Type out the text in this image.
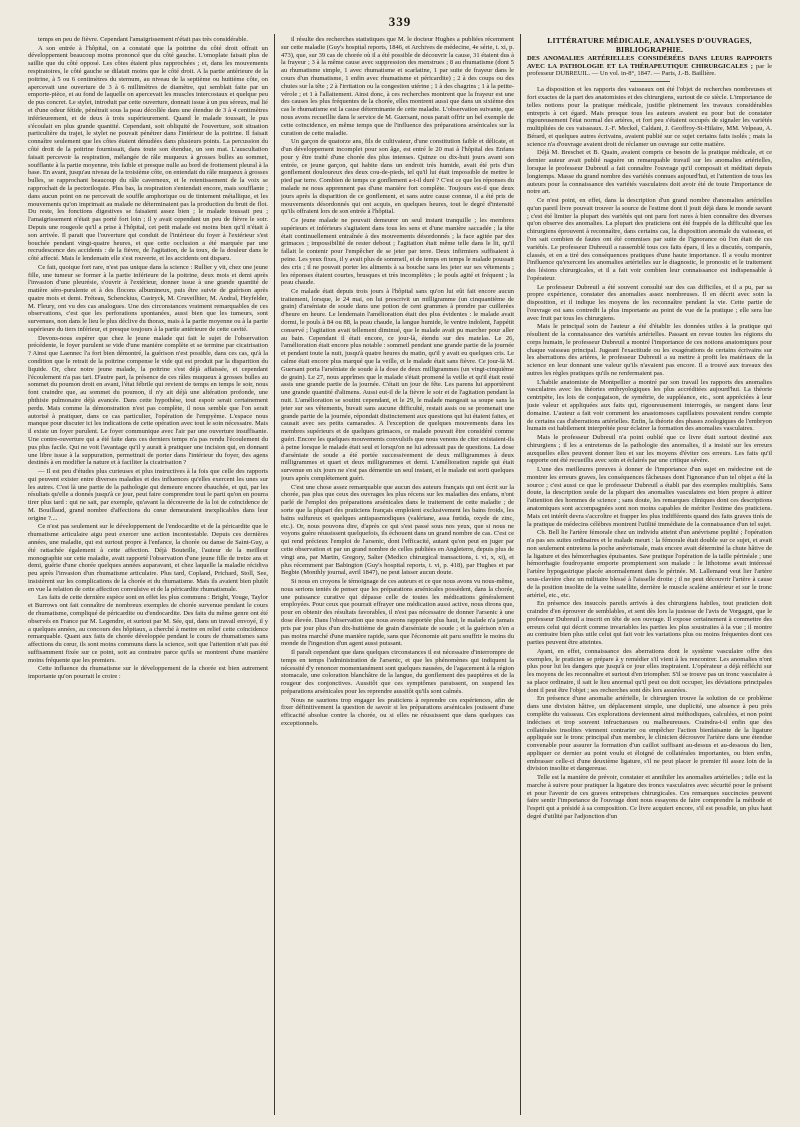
339

temps en peu de fièvre. Cependant l'amaigrissement n'était pas très considérable.

A son entrée à l'hôpital, on a constaté que la poitrine du côté droit offrait un développement beaucoup moins prononcé que du côté gauche. L'omoplate faisait plus de saillie que du côté opposé. Les côtes étaient plus rapprochées ; et, dans les mouvements respiratoires, le côté gauche se dilatait moins que le côté droit. A la partie antérieure de la poitrine, à 5 ou 6 centimètres du sternum, au niveau de la septième ou huitième côte, on apercevait une ouverture de 3 à 6 millimètres de diamètre, qui semblait faite par un emporte-pièce, et au fond de laquelle on apercevait les muscles intercostaux et quelque peu de pus concret. Le stylet, introduit par cette ouverture, donnait issue à un pus séreux, mal lié et d'une odeur fétide, pénétrait sous la peau décollée dans une étendue de 3 à 4 centimètres inférieurement, et de deux à trois supérieurement. Quand le malade toussait, le pus s'écoulait en plus grande quantité. Cependant, soit obliquité de l'ouverture, soit situation particulière du trajet, le stylet ne pouvait pénétrer dans l'intérieur de la poitrine. Il faisait connaître seulement que les côtes étaient dénudées dans plusieurs points. La percussion du côté droit de la poitrine fournissait, dans toute son étendue, un son mat. L'auscultation faisait percevoir la respiration, mélangée de râle muqueux à grosses bulles au sommet, soufflante à la partie moyenne, très faible et presque nulle au bord de frottement pleural à la base. En avant, jusqu'au niveau de la troisième côte, on entendait du râle muqueux à grosses bulles, se rapprochant beaucoup du râle caverneux, et le retentissement de la voix se rapprochait de la pectoriloquie. Plus bas, la respiration s'entendait encore, mais soufflante ; dans aucun point on ne percevait de souffle amphorique ou de tintement métallique, et les mouvements qu'on imprimait au malade ne déterminaient pas la production du bruit de flot. Du reste, les fonctions digestives se faisaient assez bien ; le malade toussait peu ; l'amaigrissement n'était pas porté fort loin ; il y avait cependant un peu de fièvre le soir. Depuis une rougeole qu'il a prise à l'hôpital, cet petit malade est moins bien qu'il n'était à son arrivée. Il parait que l'ouverture qui conduit de l'intérieur du foyer à l'extérieur s'est bouchée pendant vingt-quatre heures, et que cette occlusion a été marquée par une recrudescence des accidents : de la fièvre, de l'agitation, de la toux, de la douleur dans le côté affecté. Mais le lendemain elle s'est rouverte, et les accidents ont disparu.

Ce fait, quoique fort rare, n'est pas unique dans la science : Rullier y vit, chez une jeune fille, une tumeur se former à la partie inférieure de la poitrine, deux mois et demi après l'invasion d'une pleurésie, s'ouvrir à l'extérieur, donner issue à une grande quantité de matière séro-purulente et à des flocons albumineux, puis être suivie de guérison après quatre mois et demi. Fréteau, Schenckius, Castryck, M. Cruveilhier, M. Andral, Heyfelder, M. Fleury, ont vu des cas analogues. Une des circonstances vraiment remarquables de ces observations, c'est que les perforations spontanées, aussi bien que les tumeurs, sont survenues, non dans le lieu le plus déclive du thorax, mais à la partie moyenne ou à la partie supérieure du tiers inférieur, et presque toujours à la partie antérieure de cette cavité.

Devons-nous espérer que chez le jeune malade qui fait le sujet de l'observation précédente, le foyer purulent se vide d'une manière complète et se termine par cicatrisation ? Ainsi que Laennec l'a fort bien démontré, la guérison n'est possible, dans ces cas, qu'à la condition que le retrait de la poitrine compense le vide qui est produit par la disparition du liquide. Or, chez notre jeune malade, la poitrine s'est déjà affaissée, et cependant l'écoulement n'a pas tari. D'autre part, la présence de ces râles muqueux à grosses bulles au sommet du poumon droit en avant, l'état fébrile qui revient de temps en temps le soir, nous font craindre que, au sommet du poumon, il n'y ait déjà une altération profonde, une phthisie pulmonaire déjà avancée. Dans cette hypothèse, tout espoir serait certainement perdu. Mais comme la démonstration n'est pas complète, il nous semble que l'on serait autorisé à pratiquer, dans ce cas particulier, l'opération de l'empyème. L'espace nous manque pour discuter ici les indications de cette opération avec tout le soin nécessaire. Mais il existe un foyer purulent. Le foyer communique avec l'air par une ouverture insuffisante. Une contre-ouverture qui a été faite dans ces derniers temps n'a pas rendu l'écoulement du pus plus facile. Qui ne voit l'avantage qu'il y aurait à pratiquer une incision qui, en donnant une libre issue à la suppuration, permettrait de porter dans l'intérieur du foyer, des agens destinés à en modifier la nature et à faciliter la cicatrisation ?

— Il est peu d'études plus curieuses et plus instructives à la fois que celle des rapports qui peuvent exister entre diverses maladies et des influences qu'elles exercent les unes sur les autres. C'est là une partie de la pathologie qui demeure encore ébauchée, et qui, par les résultats qu'elle a donnés jusqu'à ce jour, peut faire comprendre tout le parti qu'on en pourra tirer plus tard : qui ne sait, par exemple, qu'avant la découverte de la loi de coïncidence de M. Bouillaud, grand nombre d'affections du cœur demeuraient inexplicables dans leur origine ?....

Ce n'est pas seulement sur le développement de l'endocardite et de la péricardite que le rhumatisme articulaire aigu peut exercer une action incontestable. Depuis ces dernières années, une maladie, qui est surtout propre à l'enfance, la chorée ou danse de Saint-Guy, a été rattachée également à cette affection. Déjà Bouteille, l'auteur de la meilleur monographie sur cette maladie, avait rapporté l'observation d'une jeune fille de treize ans et demi, guérie d'une chorée quelques années auparavant, et chez laquelle la maladie récidiva peu après l'invasion d'un rhumatisme articulaire. Plus tard, Copland, Prichard, Stoll, See, insistèrent sur les complications de la chorée et du rhumatisme. Mais ils avaient bien plutôt en vue la relation de cette affection convulsive et de la péricardite rhumatismale.

Les faits de cette dernière espèce sont en effet les plus communs : Bright, Youge, Taylor et Burrows ont fait connaître de nombreux exemples de chorée survenue pendant le cours de rhumatisme, compliqué de péricardite ou d'endocardite. Des faits du même genre ont été observés en France par M. Legendre, et surtout par M. Sée, qui, dans un travail envoyé, il y a quelques années, au concours des hôpitaux, a cherché à mettre en relief cette coïncidence remarquable. Quant aux faits de chorée développée pendant le cours de rhumatismes sans affections du cœur, ils sont moins communs dans la science, soit que l'attention n'ait pas été suffisamment fixée sur ce point, soit au contraire parce qu'ils se montrent d'une manière moins fréquente que les premiers.

Cette influence du rhumatisme sur le développement de la chorée est bien autrement importante qu'on pourrait le croire :

il résulte des recherches statistiques que M. le docteur Hughes a publiées récemment sur cette maladie (Guy's hospital reports, 1846, et Archives de médecine, 4e série, t. xi, p. 473), que, sur 39 cas de chorée où il a été possible de découvrir la cause, 31 étaient dus à la frayeur ; 3 à la même cause avec suppression des menstrues ; 8 au rhumatisme (dont 5 au rhumatisme simple, 1 avec rhumatisme et scarlatine, 1 par suite de frayeur dans le cours d'un rhumatisme, 1 enfin avec rhumatisme et péricardite) ; 2 à des coups ou des chutes sur la tête ; 2 à l'irritation ou la congestion utérine ; 1 à des chagrins ; 1 à la petite-vérole ; et 1 à l'allaitement. Ainsi donc, à ces recherches montrent que la frayeur est une des causes les plus fréquentes de la chorée, elles montrent aussi que dans un sixième des cas le rhumatisme est la cause déterminante de cette maladie. L'observation suivante, que nous avons recueillie dans le service de M. Guersant, nous parait offrir un bel exemple de cette coïncidence, en même temps que de l'influence des préparations arsénicales sur la curation de cette maladie.

Un garçon de quatorze ans, fils de cultivateur, d'une constitution faible et délicate, et d'un développement incomplet pour son âge, est entré le 20 mai à l'hôpital des Enfans pour y être traité d'une chorée des plus intenses. Quinze ou dix-huit jours avant son entrée, ce jeune garçon, qui habite dans un endroit très humide, avait été pris d'un gonflement douloureux des deux cou-de-pieds, tel qu'il lui était impossible de mettre le pied par terre. Combien de temps ce gonflement a-t-il duré ? C'est ce que les réponses du malade ne nous apprennent pas d'une manière fort complète. Toujours est-il que deux jours après la disparition de ce gonflement, et sans autre cause connue, il a été pris de mouvements désordonnés qui ont acquis, en quelques heures, tout le degré d'intensité qu'ils offraient lors de son entrée à l'hôpital.

Ce jeune malade ne pouvait demeurer un seul instant tranquille ; les membres supérieurs et inférieurs s'agitaient dans tous les sens et d'une manière saccadée ; la tête était continuellement entraînée à des mouvements désordonnés ; la face agitée par des grimaces ; impossibilité de rester debout ; l'agitation était même telle dans le lit, qu'il fallait le contenir pour l'empêcher de se jeter par terre. Deux infirmiers suffisaient à peine. Les yeux fixes, il y avait plus de sommeil, et de temps en temps le malade poussait des cris ; il ne pouvait porter les aliments à sa bouche sans les jeter sur ses vêtements ; les réponses étaient courtes, brusques et très incomplètes ; le pouls agité et fréquent ; la peau chaude.

Ce malade était depuis trois jours à l'hôpital sans qu'on lui eût fait encore aucun traitement, lorsque, le 24 mai, on lui prescrivit un milligramme (un cinquantième de grain) d'arséniate de soude dans une potion de cent grammes à prendre par cuillerées d'heure en heure. Le lendemain l'amélioration était des plus évidentes : le malade avait dormi, le pouls à 84 ou 88, la peau chaude, la langue humide, le ventre indolent, l'appétit conservé ; l'agitation avait tellement diminué, que le malade avait pu marcher pour aller au bain. Cependant il était encore, ce jour-là, étendu sur des matelas. Le 26, l'amélioration était encore plus notable : sommeil pendant une grande partie de la journée et pendant toute la nuit, jusqu'à quatre heures du matin, qu'il y avait eu quelques cris. Le calme était encore plus marqué que la veille, et le malade était sans fièvre. Ce jour-là M. Guersant porta l'arséniate de soude à la dose de deux milligrammes (un vingt-cinquième de grain). Le 27, nous apprîmes que le malade s'était promené la veille et qu'il était resté assis une grande partie de la journée. C'était un jour de fête. Les parens lui apportèrent une grande quantité d'alimens. Aussi eut-il de la fièvre le soir et de l'agitation pendant la nuit. L'amélioration se soutint cependant, et le 29, le malade mangeait sa soupe sans la jeter sur ses vêtements, buvait sans aucune difficulté, restait assis ou se promenait une grande partie de la journée, répondait distinctement aux questions qui lui étaient faites, et causait avec ses petits camarades. A l'exception de quelques mouvements dans les membres supérieurs et de quelques grimaces, ce malade pouvait être considéré comme guéri. Encore les quelques mouvements convulsifs que nous venons de citer existaient-ils à peine lorsque le malade était seul et lorsqu'on ne lui adressait pas de questions. La dose d'arséniate de soude a été portée successivement de deux milligrammes à deux milligrammes et quart et deux milligrammes et demi. L'amélioration rapide qui était survenue en six jours ne s'est pas démentie un seul instant, et le malade est sorti quelques jours après complétement guéri.

C'est une chose assez remarquable que aucun des auteurs français qui ont écrit sur la chorée, pas plus que ceux des ouvrages les plus récens sur les maladies des enfans, n'ont parlé de l'emploi des préparations arsénicales dans le traitement de cette maladie ; de sorte que la plupart des praticiens français emploient exclusivement les bains froids, les bains sulfureux et quelques antispasmodiques (valériane, assa fœtida, oxyde de zinc, etc.). Or, nous pouvons dire, d'après ce qui s'est passé sous nos yeux, que si nous ne voyons guère réussissent quelquefois, ils échouent dans un grand nombre de cas. C'est ce qui rend précieux l'emploi de l'arsenic, dont l'efficacité, autant qu'on peut en juger par cette observation et par un grand nombre de celles publiées en Angleterre, depuis plus de vingt ans, par Martin, Gregory, Salter (Medico chirurgical transactions, t. vi, x, xi), et plus récemment par Babington (Guy's hospital reports, t. vi, p. 418), par Hughes et par Begbie (Monthly journal, avril 1847), ne peut laisser aucun doute.

Si nous en croyons le témoignage de ces auteurs et ce que nous avons vu nous-même, nous serions tentés de penser que les préparations arsénicales possèdent, dans la chorée, une puissance curative qui dépasse celle de toutes les médications généralement employées. Pour ceux que pourrait effrayer une médication aussi active, nous dirons que, pour en obtenir des résultats favorables, il n'est pas nécessaire de donner l'arsenic à une dose élevée. Dans l'observation que nous avons rapportée plus haut, le malade n'a jamais pris par jour plus d'un dix-huitième de grain d'arséniate de soude ; et la guérison n'en a pas moins marché d'une manière rapide, sans que l'économie ait paru souffrir le moins du monde de l'ingestion d'un agent aussi puissant.

Il paraît cependant que dans quelques circonstances il est nécessaire d'interrompre de temps en temps l'administration de l'arsenic, et que les phénomènes qui indiquent la nécessité d'y renoncer momentanément sont quelques nausées, de l'agacement à la région stomacale, une coloration blanchâtre de la langue, du gonflement des paupières et de la rougeur des conjonctives. Aussitôt que ces symptômes paraissent, on suspend les préparations arsénicales pour les reprendre aussitôt qu'ils sont calmés.

Nous ne saurions trop engager les praticiens à reprendre ces expériences, afin de fixer définitivement la question de savoir si les préparations arsénicales jouissent d'une efficacité absolue contre la chorée, ou si elles ne réussissent que dans quelques cas exceptionnels.

LITTÉRATURE MÉDICALE, ANALYSES D'OUVRAGES, BIBLIOGRAPHIE.

DES ANOMALIES ARTÉRIELLES CONSIDÉRÉES DANS LEURS RAPPORTS AVEC LA PATHOLOGIE ET LA THÉRAPEUTIQUE CHIRURGICALES ; par le professeur DUBREUIL. — Un vol. in-8°, 1847. — Paris, J.-B. Baillière.

La disposition et les rapports des vaisseaux ont été l'objet de recherches nombreuses et fort exactes de la part des anatomistes et des chirurgiens, surtout de ce siècle. L'importance de telles notions pour la pratique médicale, justifie pleinement les travaux considérables entrepris à cet égard. Mais presque tous les auteurs avaient eu pour but de constater rigoureusement l'état normal des artères, et fort peu s'étaient occupés de signaler les variétés multipliées de ces vaisseaux. J.-F. Meckel, Caldani, J. Geoffroy-St-Hilaire, MM. Velpeau, A. Bérard, et quelques autres écrivains, avaient publié sur ce sujet certains faits isolés ; mais la science n'a d'ouvrage avaient droit de réclamer un ouvrage sur cette matière.

Déjà M. Breschet et B. Quain, avaient compris ce besoin de la pratique médicale, et ce dernier auteur avait publié naguère un remarquable travail sur les anomalies artérielles, lorsque le professeur Dubreuil a fait connaître l'ouvrage qu'il composait et méditait depuis longtemps. Masse du grand nombre des variétés connues aujourd'hui, et l'attention de tous les auteurs pour la connaissance des variétés vasculaires doit avoir été de toute l'importance de notre art.

Ce n'est point, en effet, dans la description d'un grand nombre d'anomalies artérielles qu'un pareil livre pouvait trouver la source de l'estime dont il jouit déjà dans le monde savant ; c'est été limiter la plupart des variétés qui ont paru fort rares à bien connaître des diverses qu'on observe des anomalies. La plupart des praticiens ont été frappés de la difficulté que les chirurgiens éprouvent à reconnaître, dans certains cas, la disposition anomale du vaisseau, et l'on sait combien de fautes ont été commises par suite de l'ignorance où l'on était de ces variétés. Le professeur Dubreuil a rassemblé tous ces faits épars, il les a discutés, comparés, classés, et en a tiré des conséquences pratiques d'une haute importance. Il a voulu montrer l'influence qu'exercent les anomalies artérielles sur le diagnostic, le pronostic et le traitement des lésions chirurgicales, et il a fait voir combien leur connaissance est indispensable à l'opérateur.

Le professeur Dubreuil a été souvent consulté sur des cas difficiles, et il a pu, par sa propre expérience, constater des anomalies assez nombreuses. Il en décrit avec soin la disposition, et il indique les moyens de les reconnaître pendant la vie. Cette partie de l'ouvrage est sans contredit la plus importante au point de vue de la pratique ; elle sera lue avec fruit par tous les chirurgiens.

Mais le principal soin de l'auteur a été d'établir les données utiles à la pratique qui résultent de la connaissance des variétés artérielles. Passant en revue toutes les régions du corps humain, le professeur Dubreuil a montré l'importance de ces notions anatomiques pour chaque vaisseau principal. Jugeant l'exactitude ou les exagérations de certains écrivains sur les aberrations des artères, le professeur Dubreuil a su mettre à profit les matériaux de la science en leur donnant une valeur qu'ils n'avaient pas encore. Il a trouvé aux travaux des autres les règles pratiques qu'ils ne renfermaient pas.

L'habile anatomiste de Montpellier a montré par son travail les rapports des anomalies vasculaires avec les théories embryologiques les plus accréditées aujourd'hui. La théorie centripète, les lois de conjugaison, de symétrie, de suppléance, etc., sont appréciées à leur juste valeur et appliquées aux faits qui, rigoureusement interrogés, se rangent dans leur domaine. L'auteur a fait voir comment les anastomoses capillaires pouvaient rendre compte de certains cas d'aberrations artérielles. Enfin, la théorie des phases zoologiques de l'embryon humain est habilement interprétée pour éclairer la formation des anomalies vasculaires.

Mais le professeur Dubreuil n'a point oublié que ce livre était surtout destiné aux chirurgiens ; il les a entretenus de la pathologie des anomalies, il a insisté sur les erreurs auxquelles elles peuvent donner lieu et sur les moyens d'éviter ces erreurs. Les faits qu'il rapporte ont été recueillis avec soin et éclairés par une critique sévère.

L'une des meilleures preuves à donner de l'importance d'un sujet en médecine est de montrer les erreurs graves, les conséquences fâcheuses dont l'ignorance d'un tel objet a été la source ; c'est aussi ce que le professeur Dubreuil a établi par des exemples multipliés. Sans doute, la description seule de la plupart des anomalies vasculaires est bien propre à attirer l'attention des hommes de science ; sans doute, les remarques cliniques dont ces descriptions anatomiques sont accompagnées sont non moins capables de mériter l'estime des praticiens. Mais cet intérêt devra s'accroître et frapper les plus indifférents quand des faits graves tirés de la pratique de médecins célèbres montrent l'utilité immédiate de la connaissance d'un tel sujet.

Ch. Bell lie l'artère fémorale chez un individu atteint d'un anévrisme poplité ; l'opération n'a pas ses suites ordinaires et le malade meurt : la fémorale était double sur ce sujet, et avait non seulement entretenu la poche anévrismale, mais encore avait déterminé la chute hâtive de la ligature et des hémorrhagies épuisantes. Saw pratique l'opération de la taille périnéale ; une hémorrhagie foudroyante emporte promptement son malade : le lithotome avait intéressé l'artère hypogastrique placée anormalement dans le périnée. M. Lallemand veut lier l'artère sous-clavière chez un militaire blessé à l'aisselle droite ; il ne peut découvrir l'artère à cause de la position insolite de la veine satellite, derrière le muscle scalène antérieur et sur le tronc artériel, etc., etc.

En présence des insuccès pareils arrivés à des chirurgiens habiles, tout praticien doit craindre d'en éprouver de semblables, et sent dès lors la justesse de l'avis de Vorgagni, que le professeur Dubreuil a inscrit en tête de son ouvrage. Il expose certainement à commettre des erreurs celui qui décrit comme invariables les parties les plus soustraites à la vue ; il montre au contraire bien plus utile celui qui fait voir les variations plus ou moins fréquentes dont ces parties peuvent être atteintes.

Ayant, en effet, connaissance des aberrations dont le système vasculaire offre des exemples, le praticien se prépare à y remédier s'il vient à les rencontrer. Les anomalies n'ont plus pour lui les dangers que jusqu'à ce jour elles inspiraient. L'opérateur a déjà réfléchi sur les moyens de les reconnaître et surtout d'en triompher. S'il se trouve pas un tronc vasculaire à sa place ordinaire, il sait le lieu anormal qu'il peut ou doit occuper, les déviations principales dont il peut être l'objet ; ses recherches sont dès lors assurées.

En présence d'une anomalie artérielle, le chirurgien trouve la solution de ce problème dans une division hâtive, un déplacement simple, une duplicité, une absence à peu près complète du vaisseau. Ces explorations deviennent ainsi méthodiques, calculées, et non point indécises et trop souvent infructueuses ou malheureuses. Craindra-t-il enfin que des collatérales insolites viennent contrarier ou empêcher l'action bienfaisante de la ligature appliquée sur le tronc principal d'un membre, le clinicien décrouvre l'artère dans une étendue convenable pour assurer la formation d'un caillot suffisant au-dessus et au-dessous du lien, appliquer ce dernier au point voulu et éloigné de collatérales importantes, ou bien enfin, embrasser celle-ci d'une deuxième ligature, s'il ne peut placer le premier fil assez loin de la division insolite et dangereuse.

Telle est la manière de prévoir, constater et annihiler les anomalies artérielles ; telle est la marche à suivre pour pratiquer la ligature des troncs vasculaires avec sécurité pour le présent et pour l'avenir de ces graves entreprises chirurgicales. Ces remarques succinctes peuvent faire sentir l'importance de l'ouvrage dont nous essayons de faire comprendre la méthode et l'esprit qui a présidé à sa composition. Ce livre acquiert encore, s'il est possible, un plus haut degré d'utilité par l'adjonction d'un
